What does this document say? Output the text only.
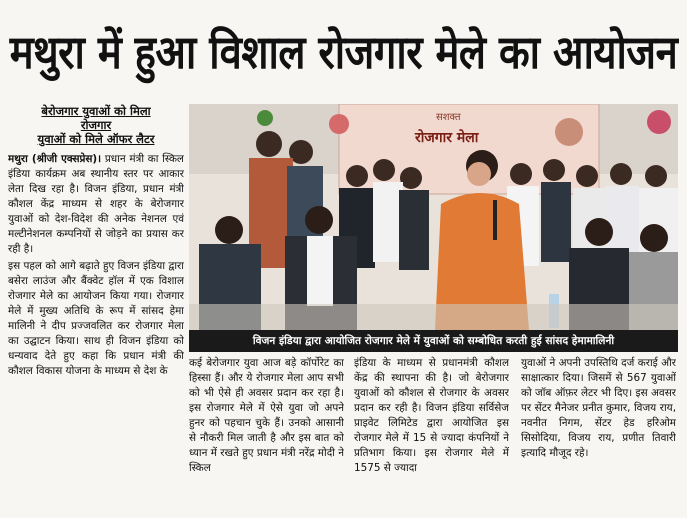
मथुरा में हुआ विशाल रोजगार मेले का आयोजन
बेरोजगार युवाओं को मिला
रोजगार
युवाओं को मिले ऑफर लैटर

मथुरा (श्रीजी एक्सप्रेस)। प्रधान मंत्री का स्किल इंडिया कार्यक्रम अब स्थानीय स्तर पर आकार लेता दिख रहा है। विजन इंडिया, प्रधान मंत्री कौशल केंद्र माध्यम से शहर के बेरोजगार युवाओं को देश-विदेश की अनेक नेशनल एवं मल्टीनेशनल कम्पनियों से जोड़ने का प्रयास कर रही है।

इस पहल को आगे बढ़ाते हुए विजन इंडिया द्वारा बसेरा लाउंज और बैंक्वेट हॉल में एक विशाल रोजगार मेले का आयोजन किया गया। रोजगार मेले में मुख्य अतिथि के रूप में सांसद हेमा मालिनी ने दीप प्रज्जवलित कर रोजगार मेला का उद्घाटन किया। साथ ही विजन इंडिया को धन्यवाद देते हुए कहा कि प्रधान मंत्री की कौशल विकास योजना के माध्यम से देश के

सशक्त
रोजगार मेला
विजन इंडिया द्वारा आयोजित रोजगार मेले में युवाओं को सम्बोधित करती हुई सांसद हेमामालिनी

कई बेरोजगार युवा आज बड़े कॉर्पोरेट का हिस्सा हैं। और ये रोजगार मेला आप सभी को भी ऐसे ही अवसर प्रदान कर रहा है। इस रोजगार मेले में ऐसे युवा जो अपने हुनर को पहचान चुके हैं। उनको आसानी से नौकरी मिल जाती है और इस बात को ध्यान में रखते हुए प्रधान मंत्री नरेंद्र मोदी ने स्किल

इंडिया के माध्यम से प्रधानमंत्री कौशल केंद्र की स्थापना की है। जो बेरोजगार युवाओं को कौशल से रोजगार के अवसर प्रदान कर रही है। विजन इंडिया सर्विसेज प्राइवेट लिमिटेड द्वारा आयोजित इस रोजगार मेले में 15 से ज्यादा कंपनियों ने प्रतिभाग किया। इस रोजगार मेले में 1575 से ज्यादा

युवाओं ने अपनी उपस्तिथि दर्ज कराई और साक्षात्कार दिया। जिसमें से 567 युवाओं को जॉब ऑफ़र लेटर भी दिए। इस अवसर पर सेंटर मैनेजर प्रनीत कुमार, विजय राय, नवनीत निगम, सेंटर हेड हरिओम सिसोदिया, विजय राय, प्रणीत तिवारी इत्यादि मौजूद रहे।
